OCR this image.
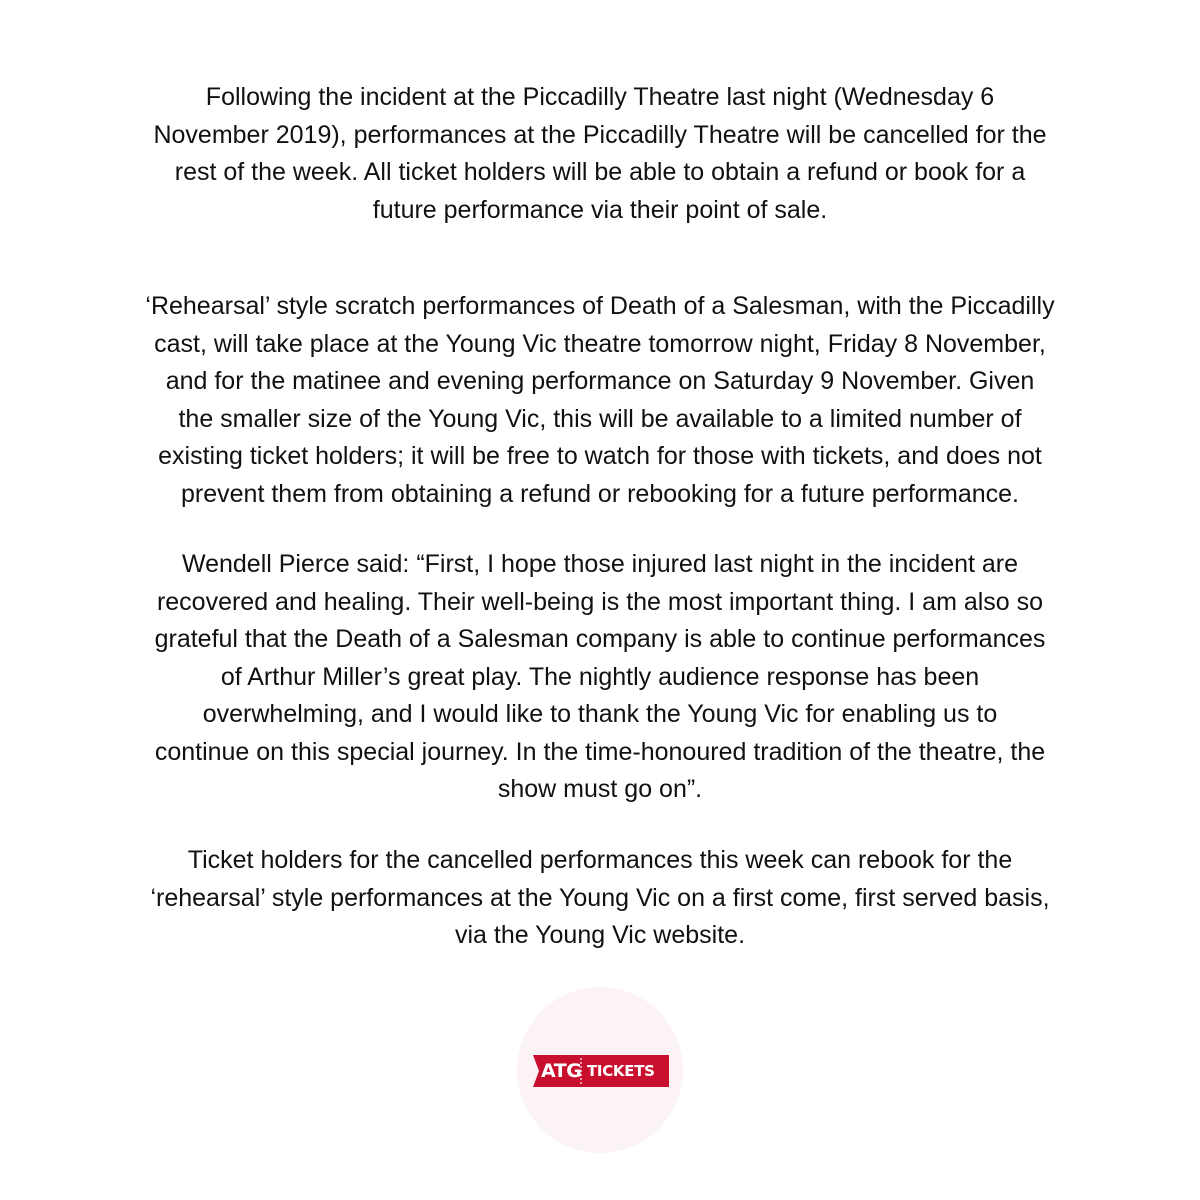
Following the incident at the Piccadilly Theatre last night (Wednesday 6
November 2019), performances at the Piccadilly Theatre will be cancelled for the
rest of the week. All ticket holders will be able to obtain a refund or book for a
future performance via their point of sale.
‘Rehearsal’ style scratch performances of Death of a Salesman, with the Piccadilly
cast, will take place at the Young Vic theatre tomorrow night, Friday 8 November,
and for the matinee and evening performance on Saturday 9 November. Given
the smaller size of the Young Vic, this will be available to a limited number of
existing ticket holders; it will be free to watch for those with tickets, and does not
prevent them from obtaining a refund or rebooking for a future performance.
Wendell Pierce said: “First, I hope those injured last night in the incident are
recovered and healing. Their well-being is the most important thing. I am also so
grateful that the Death of a Salesman company is able to continue performances
of Arthur Miller’s great play. The nightly audience response has been
overwhelming, and I would like to thank the Young Vic for enabling us to
continue on this special journey. In the time-honoured tradition of the theatre, the
show must go on”.
Ticket holders for the cancelled performances this week can rebook for the
‘rehearsal’ style performances at the Young Vic on a first come, first served basis,
via the Young Vic website.
ATG TICKETS
